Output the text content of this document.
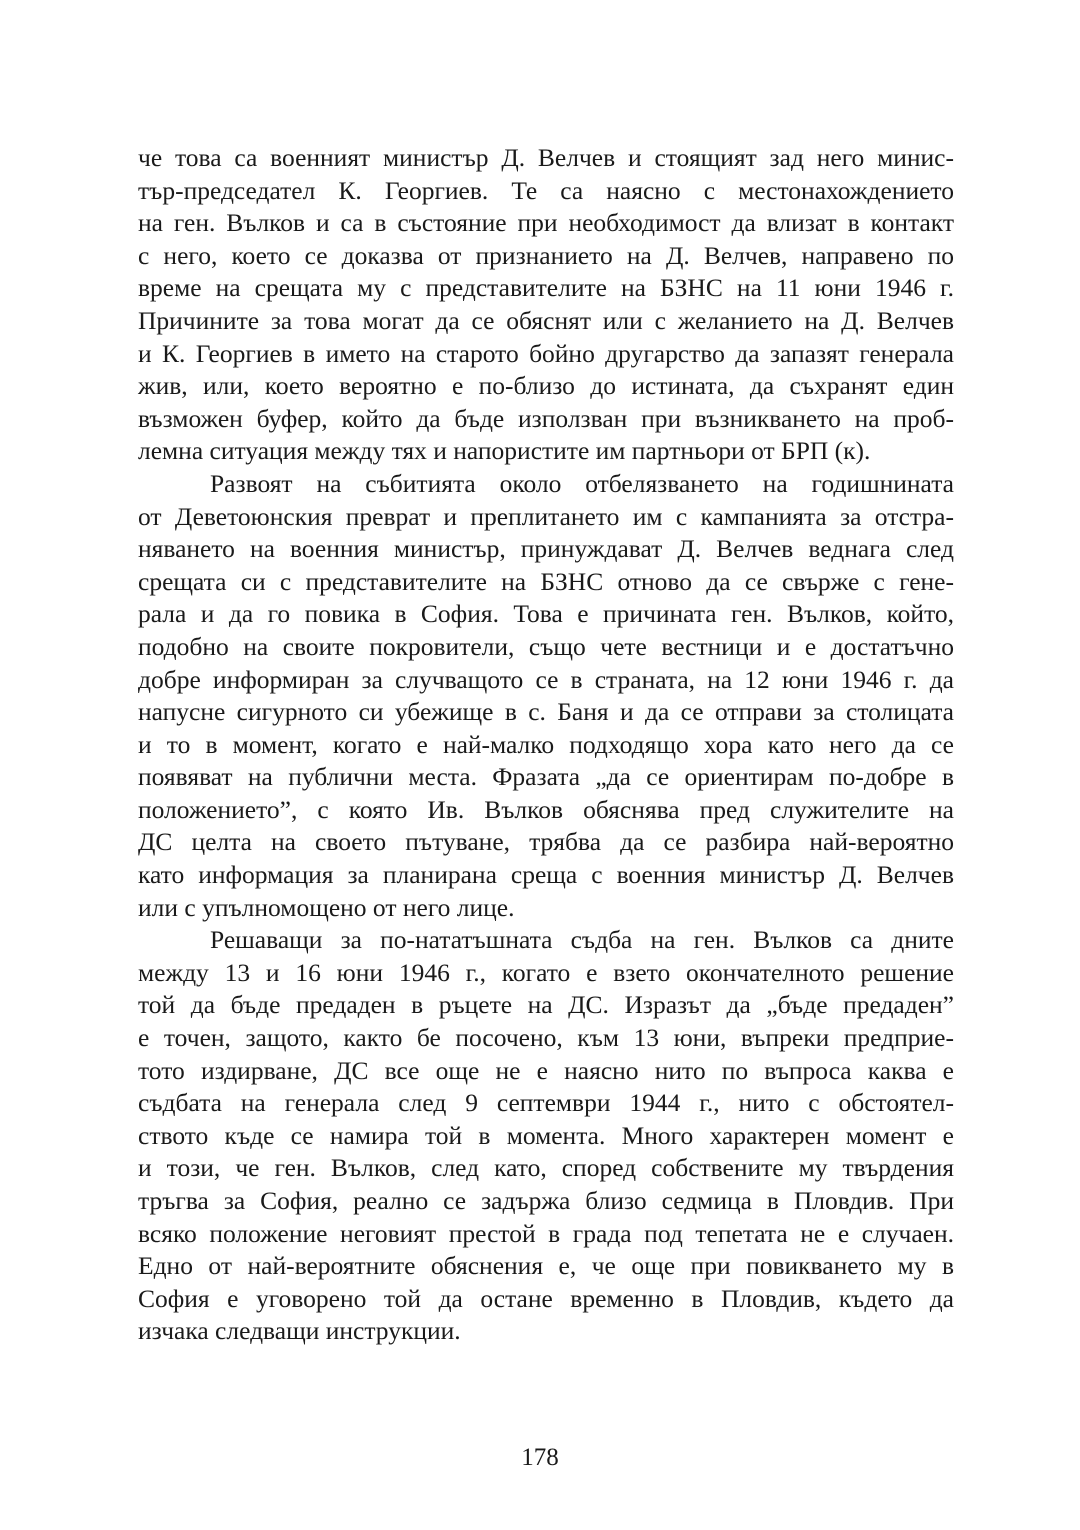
че това са военният министър Д. Велчев и стоящият зад него минис-
тър-председател К. Георгиев. Те са наясно с местонахождението
на ген. Вълков и са в състояние при необходимост да влизат в контакт
с него, което се доказва от признанието на Д. Велчев, направено по
време на срещата му с представителите на БЗНС на 11 юни 1946 г.
Причините за това могат да се обяснят или с желанието на Д. Велчев
и К. Георгиев в името на старото бойно другарство да запазят генерала
жив, или, което вероятно е по-близо до истината, да съхранят един
възможен буфер, който да бъде използван при възникването на проб-
лемна ситуация между тях и напористите им партньори от БРП (к).
Развоят на събитията около отбелязването на годишнината
от Деветоюнския преврат и преплитането им с кампанията за отстра-
няването на военния министър, принуждават Д. Велчев веднага след
срещата си с представителите на БЗНС отново да се свърже с гене-
рала и да го повика в София. Това е причината ген. Вълков, който,
подобно на своите покровители, също чете вестници и е достатъчно
добре информиран за случващото се в страната, на 12 юни 1946 г. да
напусне сигурното си убежище в с. Баня и да се отправи за столицата
и то в момент, когато е най-малко подходящо хора като него да се
появяват на публични места. Фразата „да се ориентирам по-добре в
положението”, с която Ив. Вълков обяснява пред служителите на
ДС целта на своето пътуване, трябва да се разбира най-вероятно
като информация за планирана среща с военния министър Д. Велчев
или с упълномощено от него лице.
Решаващи за по-нататъшната съдба на ген. Вълков са дните
между 13 и 16 юни 1946 г., когато е взето окончателното решение
той да бъде предаден в ръцете на ДС. Изразът да „бъде предаден”
е точен, защото, както бе посочено, към 13 юни, въпреки предприе-
тото издирване, ДС все още не е наясно нито по въпроса каква е
съдбата на генерала след 9 септември 1944 г., нито с обстоятел-
ството къде се намира той в момента. Много характерен момент е
и този, че ген. Вълков, след като, според собствените му твърдения
тръгва за София, реално се задържа близо седмица в Пловдив. При
всяко положение неговият престой в града под тепетата не е случаен.
Едно от най-вероятните обяснения е, че още при повикването му в
София е уговорено той да остане временно в Пловдив, където да
изчака следващи инструкции.
178
